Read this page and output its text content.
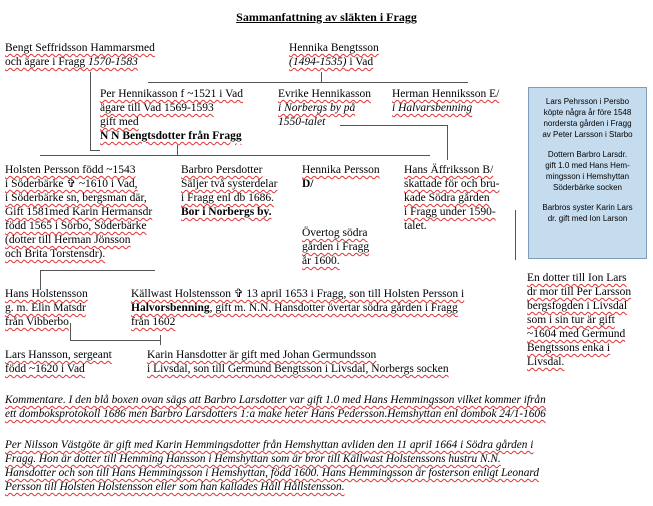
Sammanfattning av släkten i Fragg
Bengt Seffridsson Hammarsmed
och ägare i Fragg 1570-1583
Hennika Bengtsson
(1494-1535) i Vad
Per Hennikasson f ~1521 i Vad
ägare till Vad 1569-1593
gift med
N N Bengtsdotter från Fragg
Evrike Hennikasson
i Norbergs by på
1550-talet
Herman Henniksson E/
i Halvarsbenning

Lars Pehrsson i Persbo

köpte några år före 1548

nordersta gården i Fragg

av Peter Larsson i Starbo

Dottern Barbro Larsdr.

gift 1.0 med Hans Hem-

mingsson i Hemshyttan

Söderbärke socken

Barbros syster Karin Lars

dr. gift med Ion Larson

Holsten Persson född ~1543
i Söderbärke ✞ ~1610 i Vad,
i Söderbärke sn, bergsman där,
Gift 1581med Karin Hermansdr
född 1565 i Sörbo, Söderbärke
(dotter till Herman Jönsson
och Brita Torstensdr).
Barbro Persdotter
Säljer två systerdelar
i Fragg enl db 1686.
Bor i Norbergs by.
Hennika Persson
D/
Övertog södra
gården i Fragg
år 1600.
Hans Äffriksson B/
skattade för och bru-
kade Södra gården
i Fragg under 1590-
talet.
En dotter till Ion Lars
dr mor till Per Larsson
bergsfogden i Livsdal
som i sin tur är gift
~1604 med Germund
Bengtssons enka i
Livsdal.
Hans Holstensson
g. m. Elin Matsdr
från Vibberbo
Källwast Holstensson ✞ 13 april 1653 i Fragg, son till Holsten Persson i
Halvorsbenning, gift m. N.N. Hansdotter övertar södra gården i Fragg
från 1602
Lars Hansson, sergeant
född ~1620 i Vad
Karin Hansdotter är gift med Johan Germundsson
i Livsdal, son till Germund Bengtsson i Livsdal, Norbergs socken
Kommentare. I den blå boxen ovan sägs att Barbro Larsdotter var gift 1.0 med Hans Hemmingsson vilket kommer ifrån
ett domboksprotokoll 1686 men Barbro Larsdotters 1:a make heter Hans Pedersson.Hemshyttan enl dombok 24/1-1606
Per Nilsson Västgöte är gift med Karin Hemmingsdotter från Hemshyttan avliden den 11 april 1664 i Södra gården i
Fragg. Hon är dotter till Hemming Hansson i Hemshyttan som är bror till Källwast Holstenssons hustru N.N.
Hansdotter och son till Hans Hemmingsson i Hemshyttan, född 1600. Hans Hemmingsson är fosterson enligt Leonard
Persson till Holsten Holstensson eller som han kallades Håll Hållstensson.
